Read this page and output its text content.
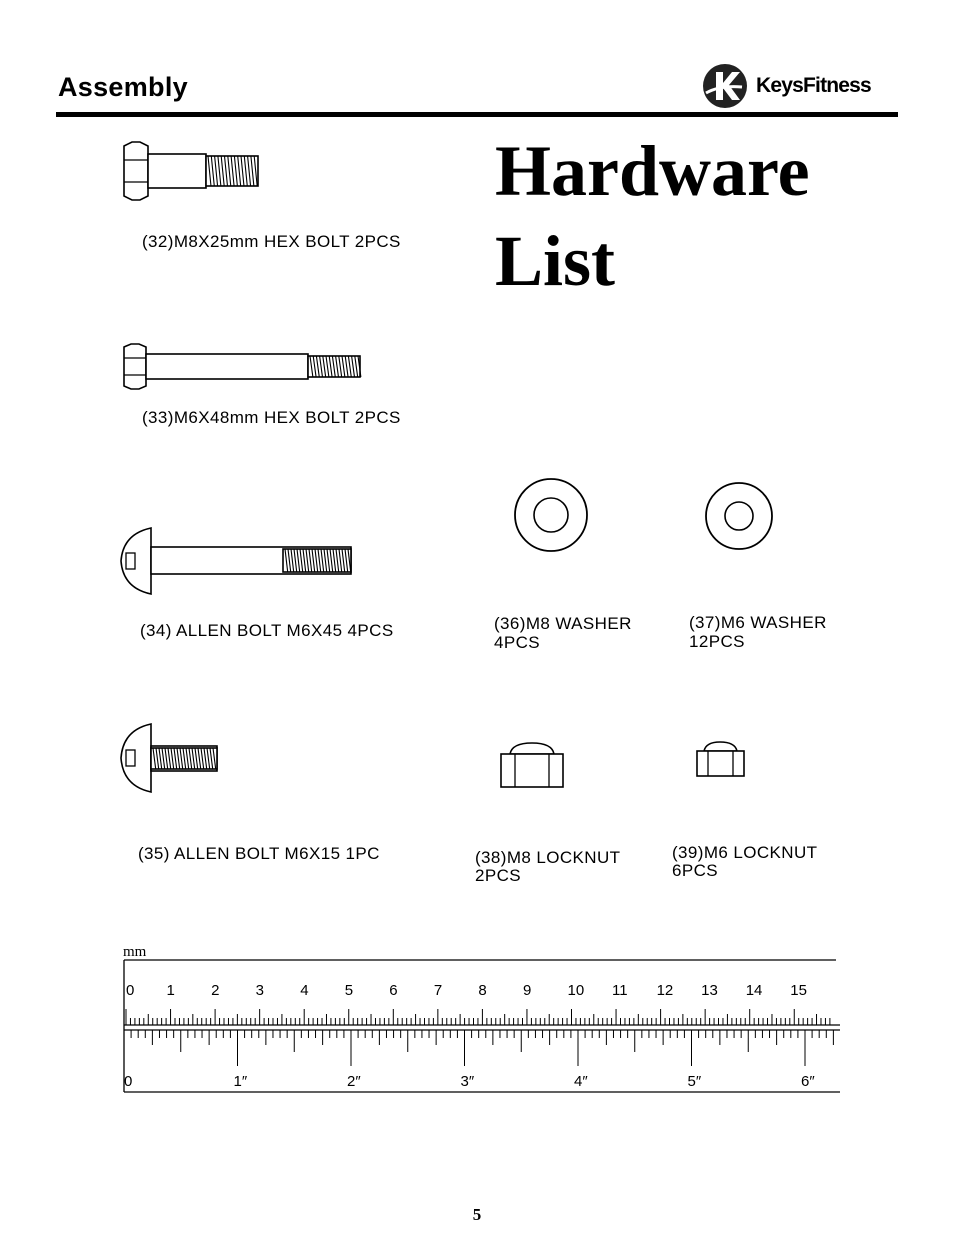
Assembly	KeysFitness
Hardware
List
(32)M8X25mm HEX BOLT 2PCS
(33)M6X48mm HEX BOLT 2PCS
(34) ALLEN BOLT M6X45 4PCS
(35) ALLEN BOLT M6X15 1PC
(36)M8 WASHER
4PCS
(37)M6 WASHER
12PCS
(38)M8 LOCKNUT
2PCS
(39)M6 LOCKNUT
6PCS
mm
0 1 2 3 4 5 6 7 8 9 10 11 12 13 14 15
0	1″	2″	3″	4″	5″	6″
5
